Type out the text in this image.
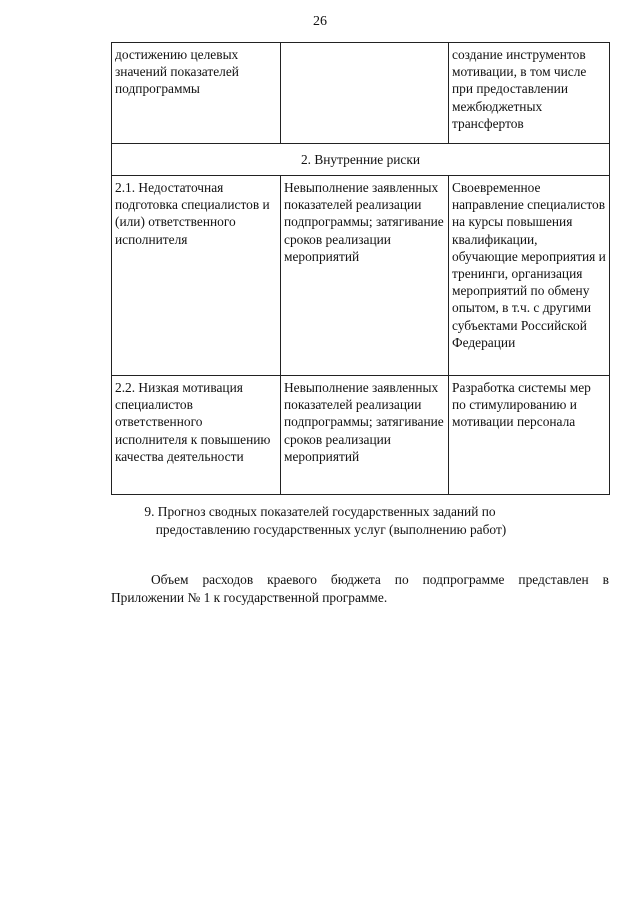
26
достижению целевых значений показателей подпрограммы		создание инструментов мотивации, в том числе при предоставлении межбюджетных трансфертов
2. Внутренние риски		
2.1. Недостаточная подготовка специалистов и (или) ответственного исполнителя	Невыполнение заявленных показателей реализации подпрограммы; затягивание сроков реализации мероприятий	Своевременное направление специалистов на курсы повышения квалификации, обучающие мероприятия и тренинги, организация мероприятий по обмену опытом, в т.ч. с другими субъектами Российской Федерации
2.2. Низкая мотивация специалистов ответственного исполнителя к повышению качества деятельности	Невыполнение заявленных показателей реализации подпрограммы; затягивание сроков реализации мероприятий	Разработка системы мер по стимулированию и мотивации персонала
9. Прогноз сводных показателей государственных заданий по
предоставлению государственных услуг (выполнению работ)

Объем расходов краевого бюджета по подпрограмме представлен в Приложении № 1 к государственной программе.
